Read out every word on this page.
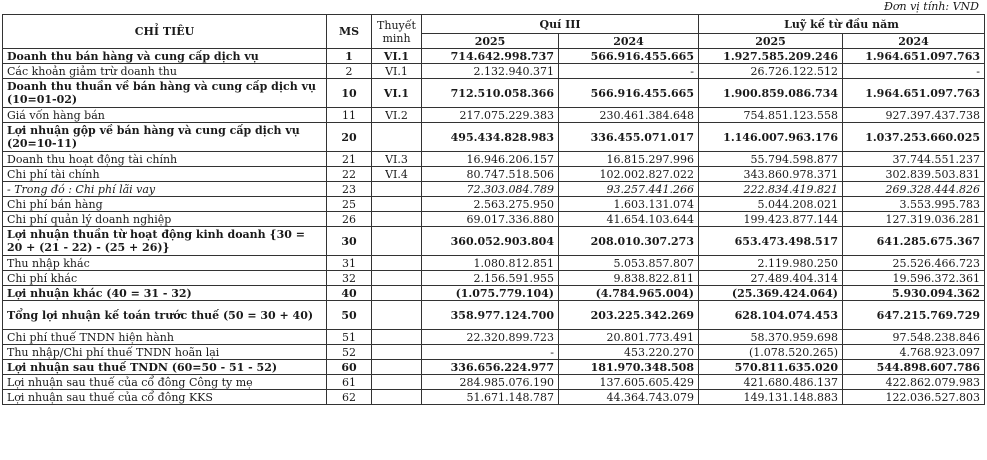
Đơn vị tính: VND
CHỈ TIÊU	MS	Thuyết minh	Quí III		Luỹ kế từ đầu năm	
			2025	2024	2025	2024
Doanh thu bán hàng và cung cấp dịch vụ	1	VI.1	714.642.998.737	566.916.455.665	1.927.585.209.246	1.964.651.097.763
Các khoản giảm trừ doanh thu	2	VI.1	2.132.940.371	-	26.726.122.512	-
Doanh thu thuần về bán hàng và cung cấp dịch vụ (10=01-02)	10	VI.1	712.510.058.366	566.916.455.665	1.900.859.086.734	1.964.651.097.763
Giá vốn hàng bán	11	VI.2	217.075.229.383	230.461.384.648	754.851.123.558	927.397.437.738
Lợi nhuận gộp về bán hàng và cung cấp dịch vụ (20=10-11)	20		495.434.828.983	336.455.071.017	1.146.007.963.176	1.037.253.660.025
Doanh thu hoạt động tài chính	21	VI.3	16.946.206.157	16.815.297.996	55.794.598.877	37.744.551.237
Chi phí tài chính	22	VI.4	80.747.518.506	102.002.827.022	343.860.978.371	302.839.503.831
- Trong đó : Chi phí lãi vay	23		72.303.084.789	93.257.441.266	222.834.419.821	269.328.444.826
Chi phí bán hàng	25		2.563.275.950	1.603.131.074	5.044.208.021	3.553.995.783
Chi phí quản lý doanh nghiệp	26		69.017.336.880	41.654.103.644	199.423.877.144	127.319.036.281
Lợi nhuận thuần từ hoạt động kinh doanh {30 = 20 + (21 - 22) - (25 + 26)}	30		360.052.903.804	208.010.307.273	653.473.498.517	641.285.675.367
Thu nhập khác	31		1.080.812.851	5.053.857.807	2.119.980.250	25.526.466.723
Chi phí khác	32		2.156.591.955	9.838.822.811	27.489.404.314	19.596.372.361
Lợi nhuận khác (40 = 31 - 32)	40		(1.075.779.104)	(4.784.965.004)	(25.369.424.064)	5.930.094.362
Tổng lợi nhuận kế toán trước thuế (50 = 30 + 40)	50		358.977.124.700	203.225.342.269	628.104.074.453	647.215.769.729
Chi phí thuế TNDN hiện hành	51		22.320.899.723	20.801.773.491	58.370.959.698	97.548.238.846
Thu nhập/Chi phí thuế TNDN hoãn lại	52		-	453.220.270	(1.078.520.265)	4.768.923.097
Lợi nhuận sau thuế TNDN (60=50 - 51 - 52)	60		336.656.224.977	181.970.348.508	570.811.635.020	544.898.607.786
Lợi nhuận sau thuế của cổ đông Công ty mẹ	61		284.985.076.190	137.605.605.429	421.680.486.137	422.862.079.983
Lợi nhuận sau thuế của cổ đông KKS	62		51.671.148.787	44.364.743.079	149.131.148.883	122.036.527.803
